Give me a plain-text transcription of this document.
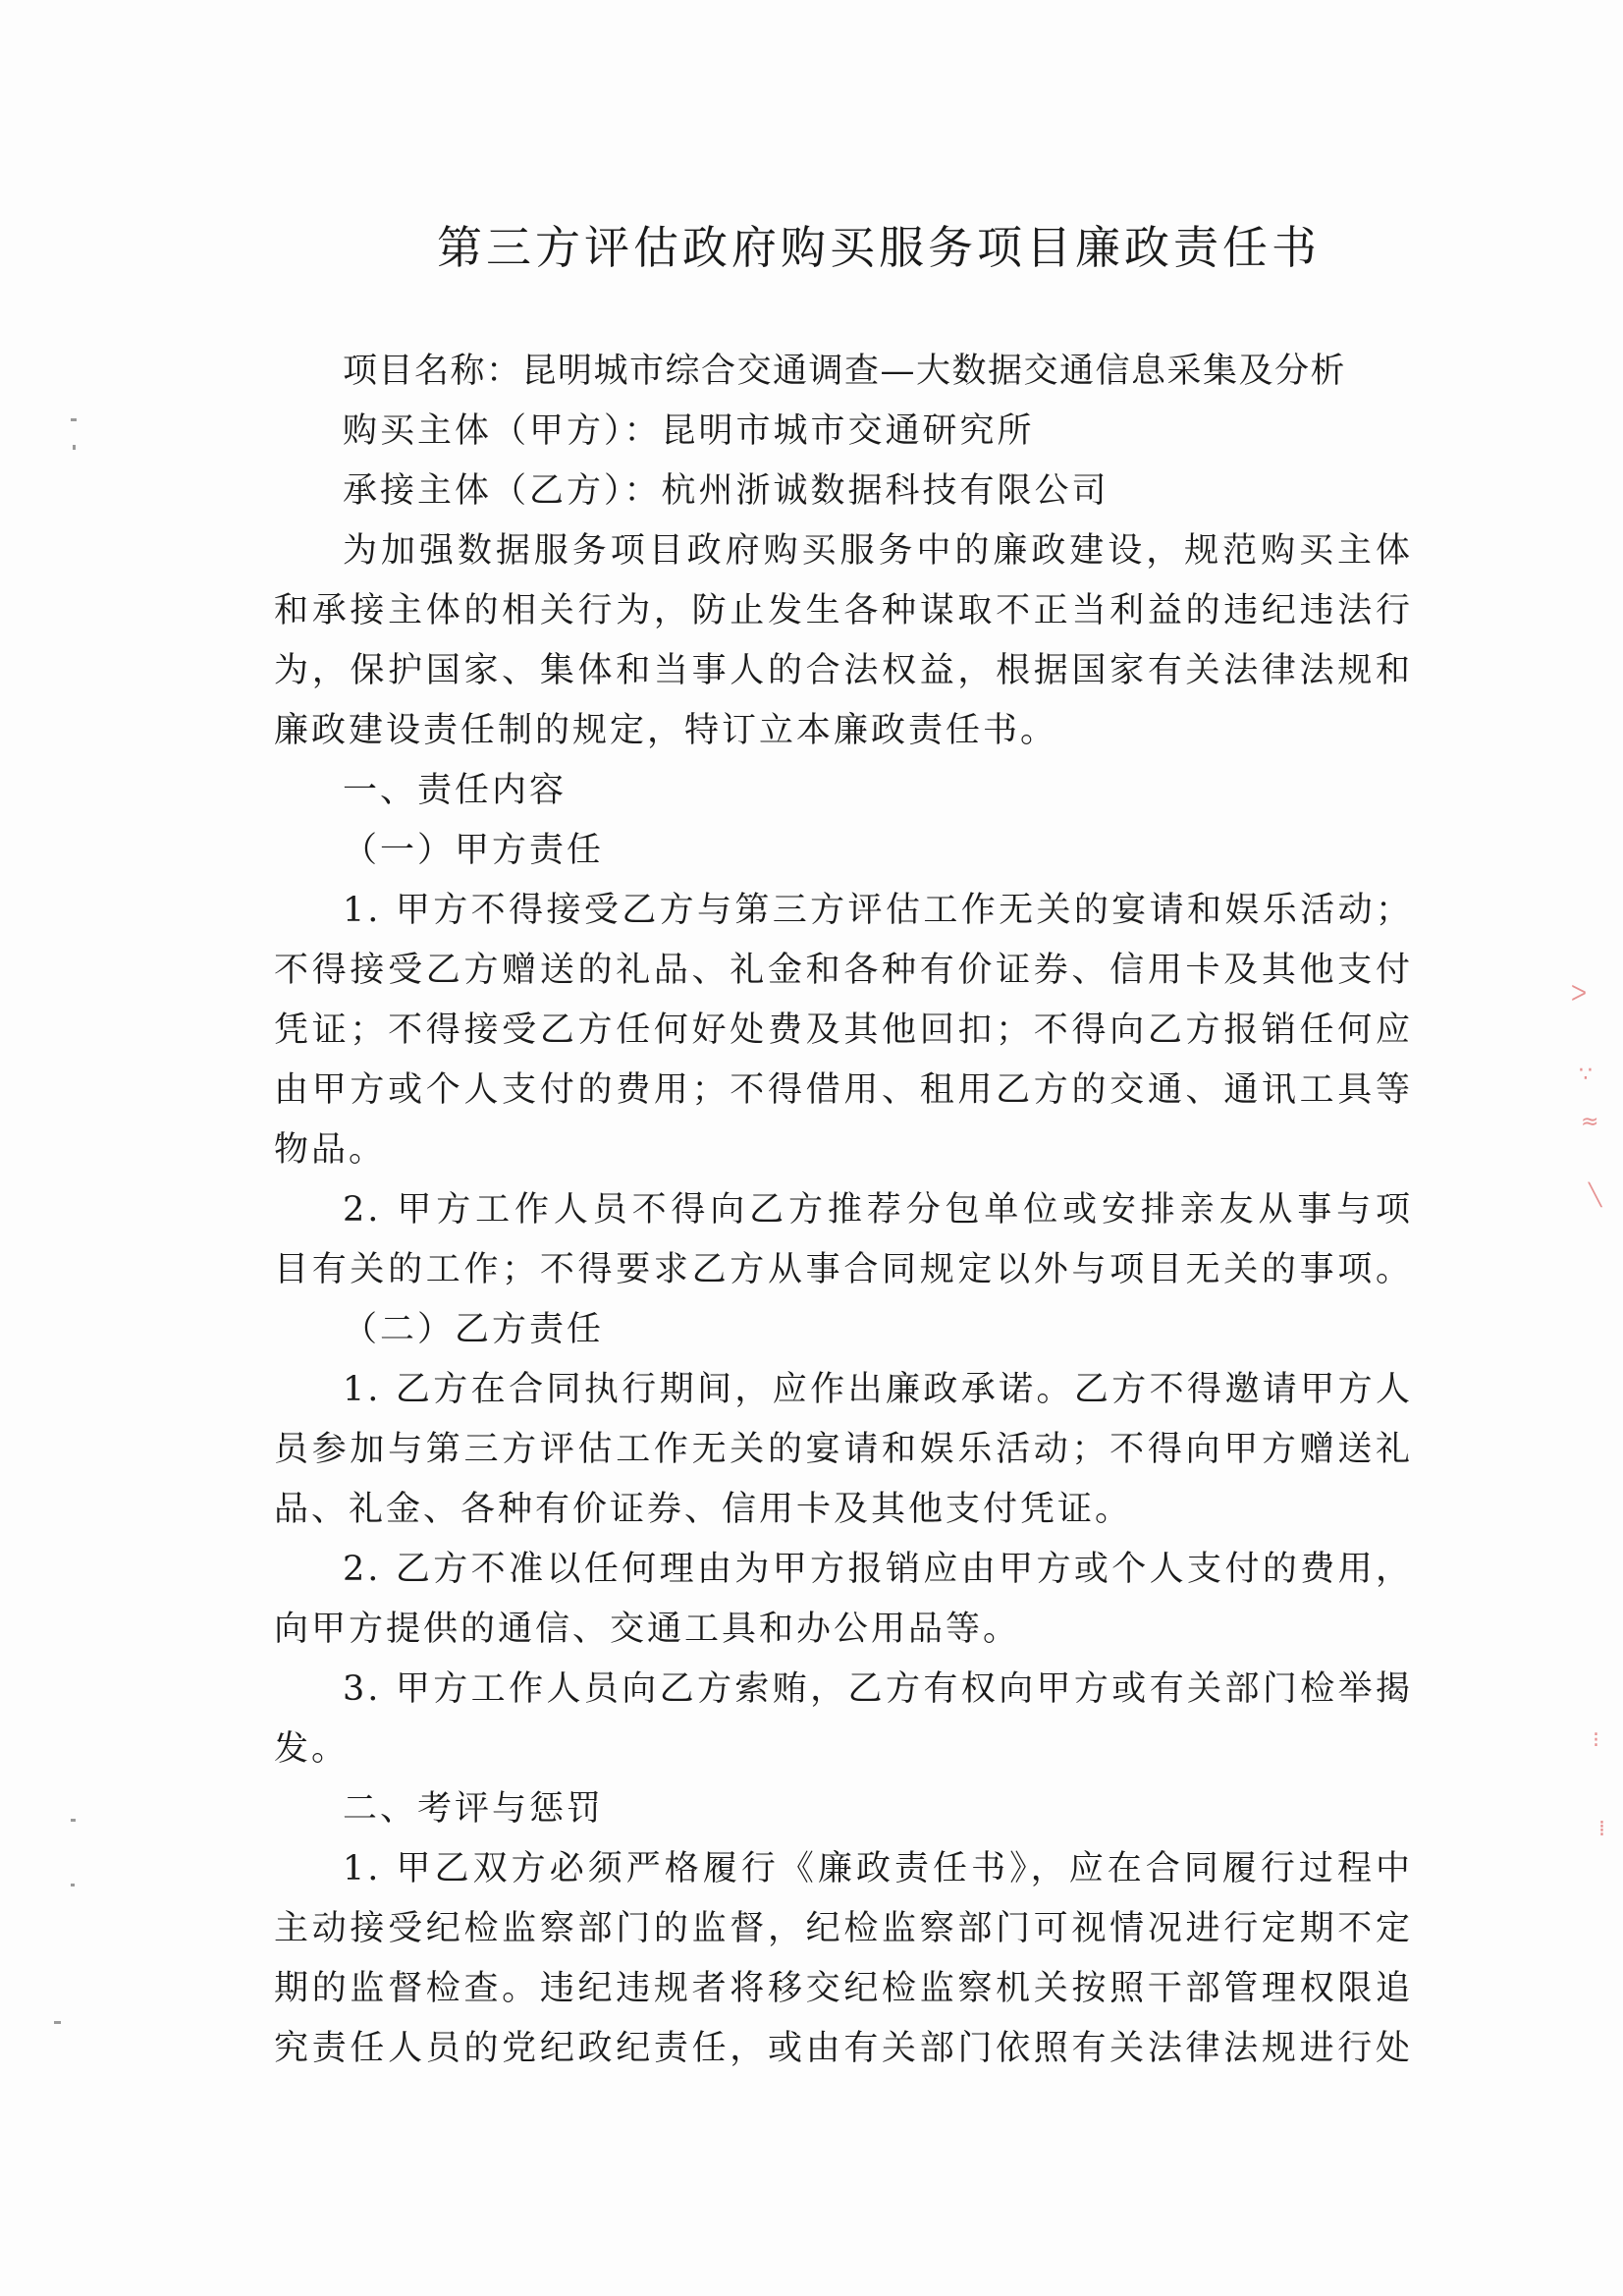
ᐳ
∵
≈
╲
⁝
⁞
第三方评估政府购买服务项目廉政责任书
项目名称：昆明城市综合交通调查—大数据交通信息采集及分析
购买主体（甲方）：昆明市城市交通研究所
承接主体（乙方）：杭州浙诚数据科技有限公司
为加强数据服务项目政府购买服务中的廉政建设，规范购买主体
和承接主体的相关行为，防止发生各种谋取不正当利益的违纪违法行
为，保护国家、集体和当事人的合法权益，根据国家有关法律法规和
廉政建设责任制的规定，特订立本廉政责任书。
一、责任内容
（一）甲方责任
1. 甲方不得接受乙方与第三方评估工作无关的宴请和娱乐活动；
不得接受乙方赠送的礼品、礼金和各种有价证券、信用卡及其他支付
凭证；不得接受乙方任何好处费及其他回扣；不得向乙方报销任何应
由甲方或个人支付的费用；不得借用、租用乙方的交通、通讯工具等
物品。
2. 甲方工作人员不得向乙方推荐分包单位或安排亲友从事与项
目有关的工作；不得要求乙方从事合同规定以外与项目无关的事项。
（二）乙方责任
1. 乙方在合同执行期间，应作出廉政承诺。乙方不得邀请甲方人
员参加与第三方评估工作无关的宴请和娱乐活动；不得向甲方赠送礼
品、礼金、各种有价证券、信用卡及其他支付凭证。
2. 乙方不准以任何理由为甲方报销应由甲方或个人支付的费用，
向甲方提供的通信、交通工具和办公用品等。
3. 甲方工作人员向乙方索贿，乙方有权向甲方或有关部门检举揭
发。
二、考评与惩罚
1. 甲乙双方必须严格履行《廉政责任书》，应在合同履行过程中
主动接受纪检监察部门的监督，纪检监察部门可视情况进行定期不定
期的监督检查。违纪违规者将移交纪检监察机关按照干部管理权限追
究责任人员的党纪政纪责任，或由有关部门依照有关法律法规进行处
